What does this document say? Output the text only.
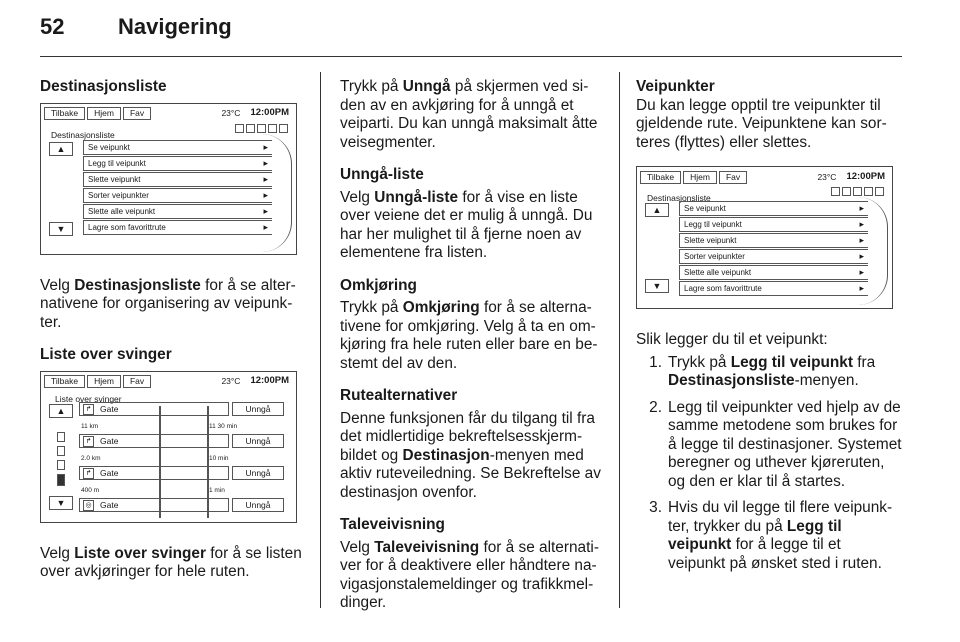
52	Navigering
Destinasjonsliste
Tilbake	Hjem	Fav	23°C 12:00PM
Destinasjonsliste
▲
▼
Se veipunkt ▸
Legg til veipunkt ▸
Slette veipunkt ▸
Sorter veipunkter ▸
Slette alle veipunkt ▸
Lagre som favorittrute ▸

Velg Destinasjonsliste for å se alternativene for organisering av veipunkter.

Liste over svinger
Tilbake	Hjem	Fav	23°C 12:00PM
Liste over svinger
▲
▼
↱	Gate	Unngå
11 km	11 30 min
↱	Gate	Unngå
2.0 km	10 min
↱	Gate	Unngå
400 m	1 min
◎ Gate	Unngå

Velg Liste over svinger for å se listen over avkjøringer for hele ruten.

Trykk på Unngå på skjermen ved siden av en avkjøring for å unngå et veiparti. Du kan unngå maksimalt åtte veisegmenter.

Unngå-liste

Velg Unngå-liste for å vise en liste over veiene det er mulig å unngå. Du har her mulighet til å fjerne noen av elementene fra listen.

Omkjøring

Trykk på Omkjøring for å se alternativene for omkjøring. Velg å ta en omkjøring fra hele ruten eller bare en bestemt del av den.

Rutealternativer

Denne funksjonen får du tilgang til fra det midlertidige bekreftelsesskjermbildet og Destinasjon-menyen med aktiv ruteveiledning. Se Bekreftelse av destinasjon ovenfor.

Taleveivisning

Velg Taleveivisning for å se alternativer for å deaktivere eller håndtere navigasjonstalemeldinger og trafikkmeldinger.

Veipunkter

Du kan legge opptil tre veipunkter til gjeldende rute. Veipunktene kan sorteres (flyttes) eller slettes.

Tilbake	Hjem	Fav	23°C 12:00PM
Destinasjonsliste
▲
▼
Se veipunkt ▸
Legg til veipunkt ▸
Slette veipunkt ▸
Sorter veipunkter ▸
Slette alle veipunkt ▸
Lagre som favorittrute ▸

Slik legger du til et veipunkt:

1. Trykk på Legg til veipunkt fra Destinasjonsliste-menyen.
2. Legg til veipunkter ved hjelp av de samme metodene som brukes for å legge til destinasjoner. Systemet beregner og uthever kjøreruten, og den er klar til å startes.
3. Hvis du vil legge til flere veipunkter, trykker du på Legg til veipunkt for å legge til et veipunkt på ønsket sted i ruten.
